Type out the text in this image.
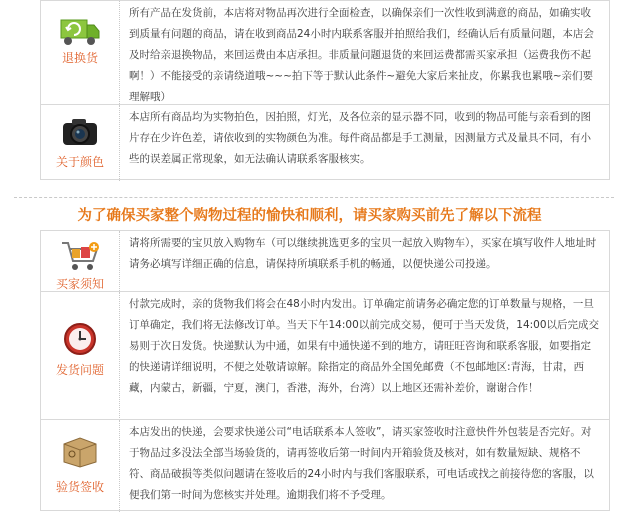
退换货
所有产品在发货前，本店将对物品再次进行全面检查，以确保亲们一次性收到满意的商品，如确实收到质量有问题的商品，请在收到商品24小时内联系客服并拍照给我们，经确认后有质量问题，本店会及时给亲退换物品，来回运费由本店承担。非质量问题退货的来回运费都需买家承担（运费我伤不起啊！）不能接受的亲请绕道哦~~~拍下等于默认此条件~避免大家后来扯皮，你累我也累哦~亲们要理解哦）
关于颜色
本店所有商品均为实物拍色，因拍照，灯光，及各位亲的显示器不同，收到的物品可能与亲看到的图片存在少许色差，请依收到的实物颜色为准。每件商品都是手工测量，因测量方式及量具不同，有小些的误差属正常现象，如无法确认请联系客服核实。
为了确保买家整个购物过程的愉快和顺利，请买家购买前先了解以下流程
买家须知
请将所需要的宝贝放入购物车（可以继续挑选更多的宝贝一起放入购物车），买家在填写收件人地址时请务必填写详细正确的信息，请保持所填联系手机的畅通，以便快递公司投递。
发货问题
付款完成时，亲的货物我们将会在48小时内发出。订单确定前请务必确定您的订单数量与规格，一旦订单确定，我们将无法修改订单。当天下午14:00以前完成交易，便可于当天发货，14:00以后完成交易则于次日发货。快递默认为中通，如果有中通快递不到的地方，请旺旺咨询和联系客服，如要指定的快递请详细说明，不便之处敬请谅解。除指定的商品外全国免邮费（不包邮地区:青海，甘肃，西藏，内蒙古，新疆，宁夏，澳门，香港，海外，台湾）以上地区还需补差价，谢谢合作！
验货签收
本店发出的快递，会要求快递公司“电话联系本人签收”，请买家签收时注意快件外包装是否完好。对于物品过多没法全部当场验货的，请再签收后第一时间内开箱验货及核对，如有数量短缺、规格不符、商品破损等类似问题请在签收后的24小时内与我们客服联系，可电话或找之前接待您的客服，以便我们第一时间为您核实并处理。逾期我们将不予受理。
